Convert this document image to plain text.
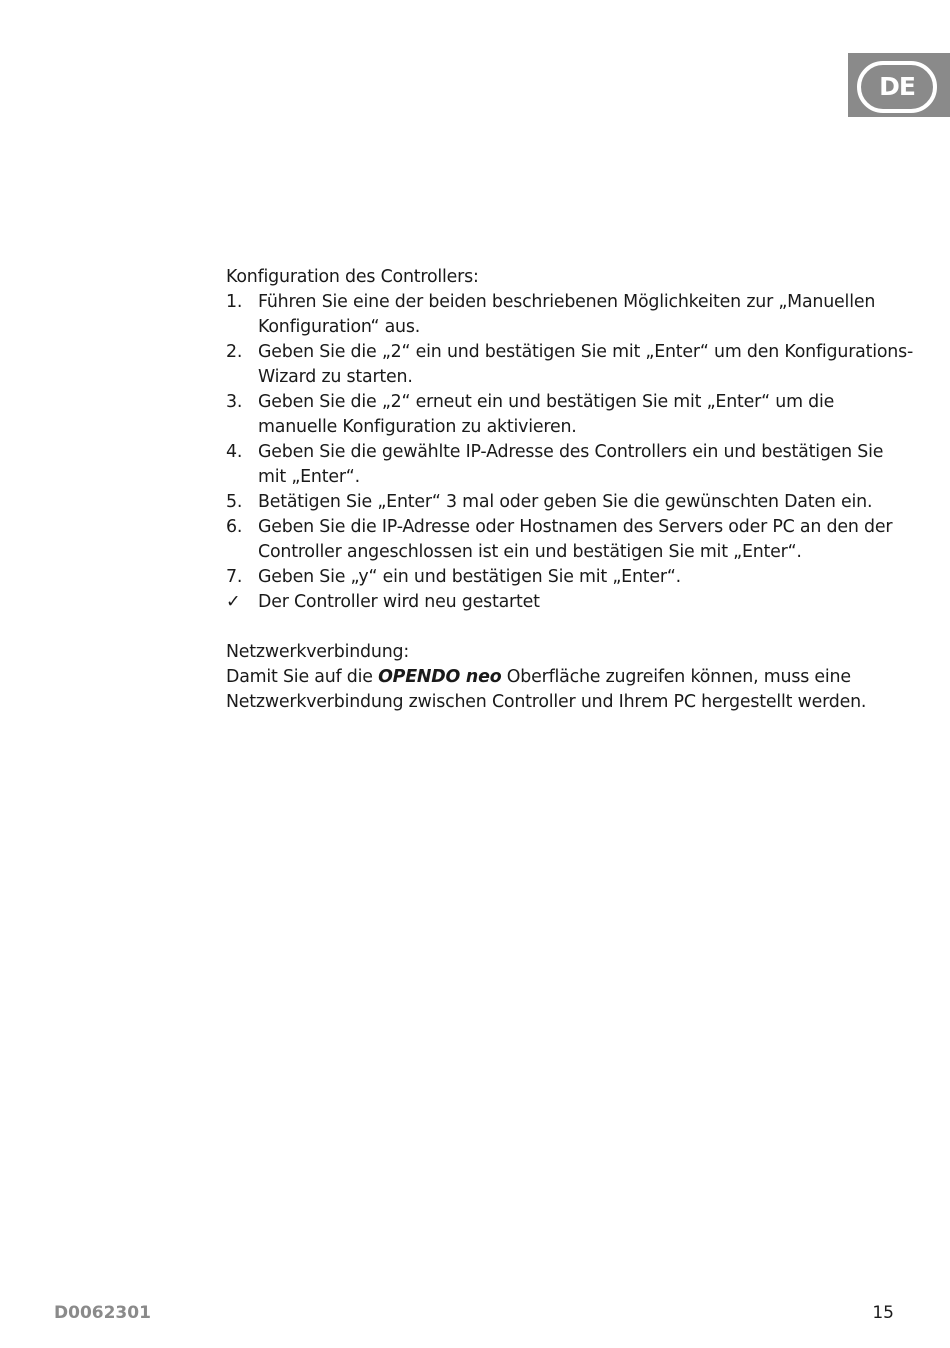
DE

Konfiguration des Controllers:

1. Führen Sie eine der beiden beschriebenen Möglichkeiten zur „Manuellen Konfiguration“ aus.
2. Geben Sie die „2“ ein und bestätigen Sie mit „Enter“ um den Konfigurations-Wizard zu starten.
3. Geben Sie die „2“ erneut ein und bestätigen Sie mit „Enter“ um die manuelle Konfiguration zu aktivieren.
4. Geben Sie die gewählte IP-Adresse des Controllers ein und bestätigen Sie mit „Enter“.
5. Betätigen Sie „Enter“ 3 mal oder geben Sie die gewünschten Daten ein.
6. Geben Sie die IP-Adresse oder Hostnamen des Servers oder PC an den der Controller angeschlossen ist ein und bestätigen Sie mit „Enter“.
7. Geben Sie „y“ ein und bestätigen Sie mit „Enter“.
✓ Der Controller wird neu gestartet

Netzwerkverbindung:

Damit Sie auf die OPENDO neo Oberfläche zugreifen können, muss eine Netzwerkverbindung zwischen Controller und Ihrem PC hergestellt werden.

D0062301	15
